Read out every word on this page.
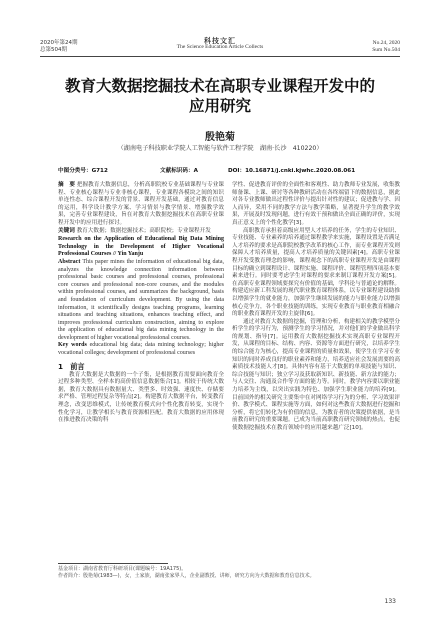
2020年第24期
总第504期
科技文汇
The Science Education Article Collects
No.24, 2020
Sum No.504
教育大数据挖掘技术在高职专业课程开发中的
应用研究
殷艳菊
（湖南电子科技职业学院人工智能与软件工程学院　湖南·长沙　410220）
中图分类号：G712	文献标识码：A	DOI：10.16871/j.cnki.kjwhc.2020.08.061

摘　要 把握教育大数据信息，分析高职院校专业基础课程与专业课程、专业核心课程与专业非核心课程，专业课程各模块之间的知识单连性态、综合课程开发的背景、课程开发基础，通过对教育信息的运用，科学设计教学方案、学习情景与教学情景、增强教学效果，完善专业课程建设，旨在对教育大数据挖掘技术在高职专业课程开发中的应用进行探讨。

关键词 教育大数据；数据挖掘技术；高职院校；专业课程开发

Research on the Application of Educational Big Data Mining Technology in the Development of Higher Vocational Professional Courses // Yin Yanju

Abstract This paper mines the information of educational big data, analyzes the knowledge connection information between professional basic courses and professional courses, professional core courses and professional non-core courses, and the modules within professional courses, and summarizes the background, basis and foundation of curriculum development. By using the data information, it scientifically designs teaching programs, learning situations and teaching situations, enhances teaching effect, and improves professional curriculum construction, aiming to explore the application of educational big data mining technology in the development of higher vocational professional courses.

Key words educational big data; data mining technology; higher vocational colleges; development of professional courses

1　前言

教育大数据是大数据的一个子集，是根据教育需要面向教育全过程多种类型、全样本的高价值信息数据集合[1]。相较于传统大数据，教育大数据具有数据量大、类型多、时效强、速度快、存储要求严格、管理过程复杂等特点[2]。构建教育大数据平台，转变教育理念，改变思维模式，让传统教育模式向个性化教育转变，实现个性化学习，让教学相长与教育资源相匹配。教育大数据的应用体现在推进教育决策的科

学性、促进教育评价的全面性和客观性、助力教师专业发展，收集教师备课、上课、研讨等各种教研活动在各终端留下的数据信息，据此对各专业教师做出过程性评价与提出针对性的建议；促进教与学、因人而异，采用不同的教学方法与教学策略，显著提升学生的教学效果，开展及时发现问题，进行有效干预和做出全面正确的评价，实现真正意义上的个性化教学[3]。

高职教育承担着高级应用型人才培养的任务，学生的专业知识、专业技能、专业素养的培养通过课程教学来实施，课程设置是否满足人才培养的要求是高职院校教学改革的核心工作，而专业课程开发则保障人才培养质量，提高人才培养质量的关键因素[4]。高职专业课程开发受教育理念的影响，课程观念下的高职专业课程开发是由课程目标的确立到课程设计、课程实施、课程评价、课程管理四项基本要素来进行。同时要考虑学生对课程的要求来制订课程开发方案[5]。在高职专业课程领域要探究有价值的基础，学科论与普通论的解释。构建适应新工科发展的现代职业教育课程体系，以专业课程建设助推以增强学生的就业能力，加强学生继续发展的能力与职业能力以增强核心竞争力，各个职业技能的训练，实现专业教育与职业教育相融合的职业教育课程开发的主旋律[6]。

通过对教育大数据的挖掘，管理和分析，构建相关的教学模型分析学生的学习行为，预测学生的学习情况，并对他们的学业做出科学的规划、指导[7]。运用教育大数据挖掘技术实现高职专业课程开发，从课程的目标、结构、内容、资源等方面进行研究，以培养学生的综合能力为核心，提高专业课程的质量和效果，使学生在学习专业知识的同时养成良好的职业素养和能力，培养适应社会发展需要的高素质技术技能人才[8]。具体内容有基于大数据的单项技能与知识、综合技能与知识；独立学习及获取新知识、新技能、新方法的能力；与人交往、沟通及合作等方面的能力等。同时，教学内容要以职业能力培养为主线，以突出实践为特色、加强学生职业能力的培养[9]。目前国外的相关研究主要集中在对网络学习行为的分析、学习效果评价、教学模式、课程实施等方面，如何对这些教育大数据进行挖掘和分析，将它们转化为有价值的信息，为教育者的决策提供依据，是当前教育研究的重要课题。已成为当前高职教育研究领域的热点，也促使数据挖掘技术在教育领域中的应用越来越广泛[10]。

基金项目：湖南省教育厅科研项目(课题编号：19A175)。
作者简介：殷艳菊(1983—)，女，土家族，湖南张家界人，企业副教授、讲师，研究方向为大数据和教育信息技术。
133
